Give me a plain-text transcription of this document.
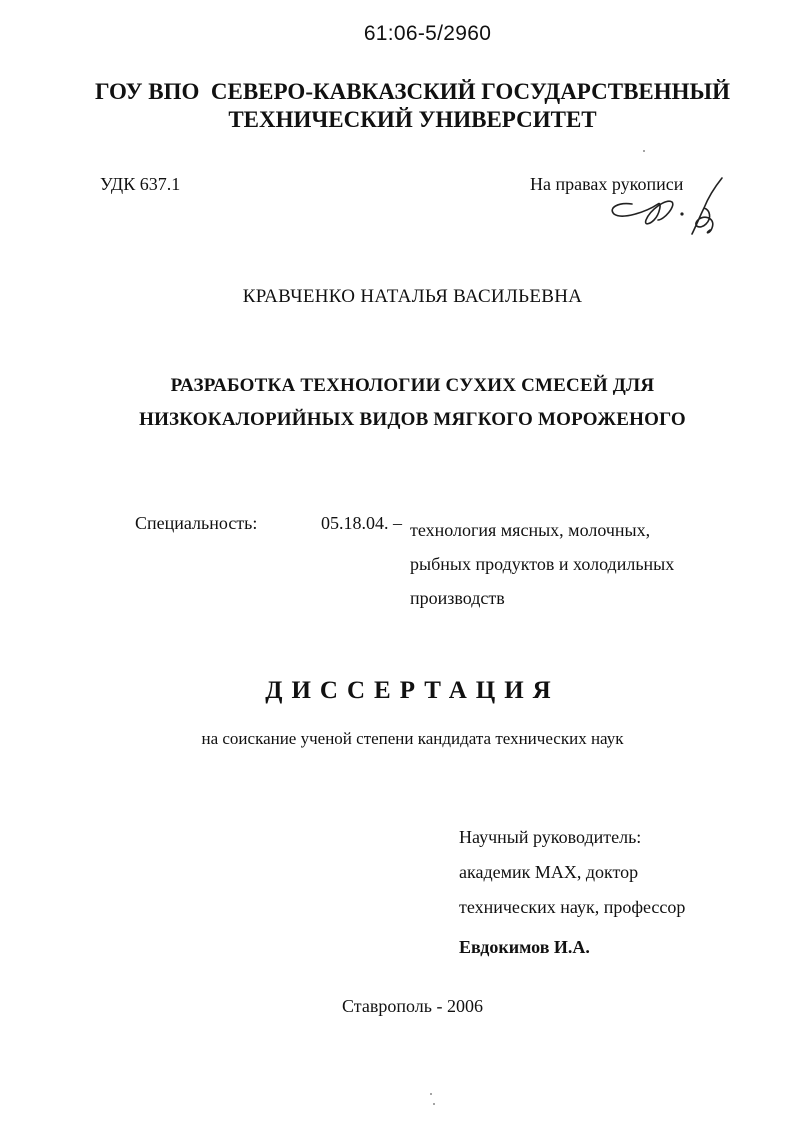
61:06-5/2960
ГОУ ВПО  СЕВЕРО-КАВКАЗСКИЙ ГОСУДАРСТВЕННЫЙ
ТЕХНИЧЕСКИЙ УНИВЕРСИТЕТ
УДК 637.1	На правах рукописи
КРАВЧЕНКО НАТАЛЬЯ ВАСИЛЬЕВНА
РАЗРАБОТКА ТЕХНОЛОГИИ СУХИХ СМЕСЕЙ ДЛЯ
НИЗКОКАЛОРИЙНЫХ ВИДОВ МЯГКОГО МОРОЖЕНОГО
Специальность:	05.18.04. – технология мясных, молочных,
рыбных продуктов и холодильных
производств
ДИССЕРТАЦИЯ
на соискание ученой степени кандидата технических наук
Научный руководитель:
академик МАХ, доктор
технических наук, профессор
Евдокимов И.А.
Ставрополь - 2006
